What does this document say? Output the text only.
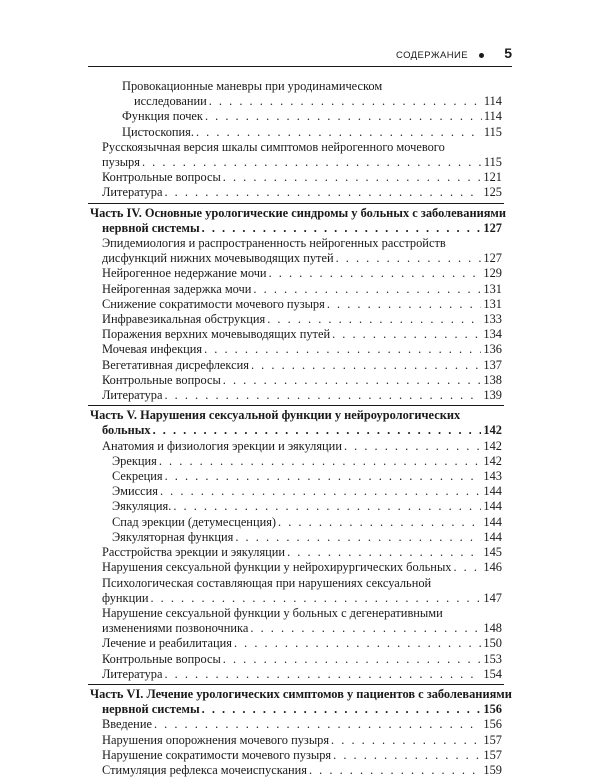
СОДЕРЖАНИЕ	5
Провокационные маневры при уродинамическом
исследовании . . .	114
Функция почек . . .	114
Цистоскопия. . . .	115
Русскоязычная версия шкалы симптомов нейрогенного мочевого
пузыря . . .	115
Контрольные вопросы . . .	121
Литература . . .	125
Часть IV. Основные урологические синдромы у больных с заболеваниями
нервной системы . . .	127
Эпидемиология и распространенность нейрогенных расстройств
дисфункций нижних мочевыводящих путей . . .	127
Нейрогенное недержание мочи . . .	129
Нейрогенная задержка мочи . . .	131
Снижение сократимости мочевого пузыря . . .	131
Инфравезикальная обструкция . . .	133
Поражения верхних мочевыводящих путей . . .	134
Мочевая инфекция . . .	136
Вегетативная дисрефлексия . . .	137
Контрольные вопросы . . .	138
Литература . . .	139
Часть V. Нарушения сексуальной функции у нейроурологических
больных . . .	142
Анатомия и физиология эрекции и эякуляции . . .	142
Эрекция . . .	142
Секреция . . .	143
Эмиссия . . .	144
Эякуляция. . . .	144
Спад эрекции (детумесценция) . . .	144
Эякуляторная функция . . .	144
Расстройства эрекции и эякуляции . . .	145
Нарушения сексуальной функции у нейрохирургических больных . . .	146
Психологическая составляющая при нарушениях сексуальной
функции . . .	147
Нарушение сексуальной функции у больных с дегенеративными
изменениями позвоночника . . .	148
Лечение и реабилитация . . .	150
Контрольные вопросы . . .	153
Литература . . .	154
Часть VI. Лечение урологических симптомов у пациентов с заболеваниями
нервной системы . . .	156
Введение . . .	156
Нарушения опорожнения мочевого пузыря . . .	157
Нарушение сократимости мочевого пузыря . . .	157
Стимуляция рефлекса мочеиспускания . . .	159
